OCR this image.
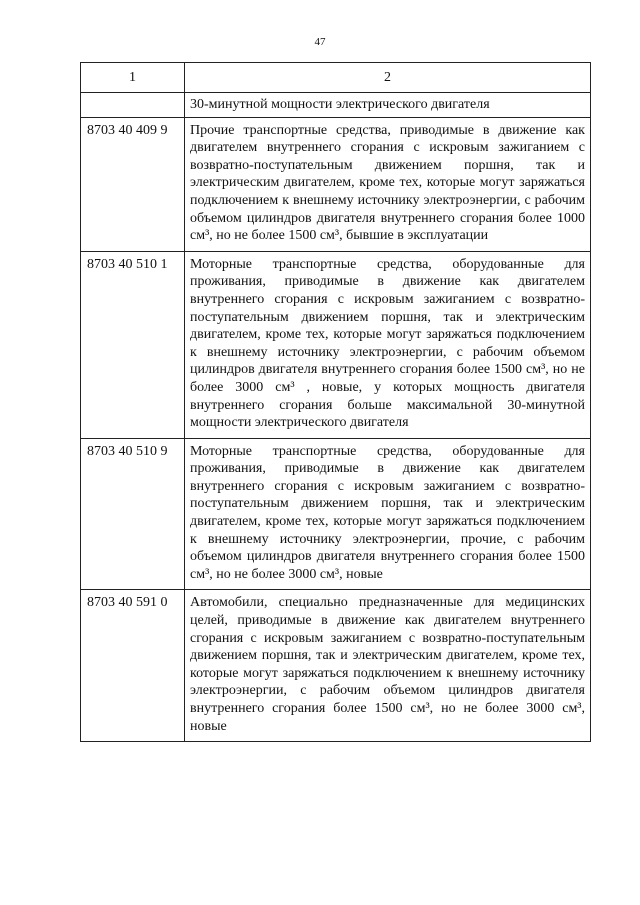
47
1	2
	30-минутной мощности электрического двигателя
8703 40 409 9	Прочие транспортные средства, приводимые в движение как двигателем внутреннего сгорания с искровым зажиганием с возвратно-поступательным движением поршня, так и электрическим двигателем, кроме тех, которые могут заряжаться подключением к внешнему источнику электроэнергии, с рабочим объемом цилиндров двигателя внутреннего сгорания более 1000 см³, но не более 1500 см³, бывшие в эксплуатации
8703 40 510 1	Моторные транспортные средства, оборудованные для проживания, приводимые в движение как двигателем внутреннего сгорания с искровым зажиганием с возвратно-поступательным движением поршня, так и электрическим двигателем, кроме тех, которые могут заряжаться подключением к внешнему источнику электроэнергии, с рабочим объемом цилиндров двигателя внутреннего сгорания более 1500 см³, но не более 3000 см³ , новые, у которых мощность двигателя внутреннего сгорания больше максимальной 30-минутной мощности электрического двигателя
8703 40 510 9	Моторные транспортные средства, оборудованные для проживания, приводимые в движение как двигателем внутреннего сгорания с искровым зажиганием с возвратно-поступательным движением поршня, так и электрическим двигателем, кроме тех, которые могут заряжаться подключением к внешнему источнику электроэнергии, прочие, с рабочим объемом цилиндров двигателя внутреннего сгорания более 1500 см³, но не более 3000 см³, новые
8703 40 591 0	Автомобили, специально предназначенные для медицинских целей, приводимые в движение как двигателем внутреннего сгорания с искровым зажиганием с возвратно-поступательным движением поршня, так и электрическим двигателем, кроме тех, которые могут заряжаться подключением к внешнему источнику электроэнергии, с рабочим объемом цилиндров двигателя внутреннего сгорания более 1500 см³, но не более 3000 см³, новые
